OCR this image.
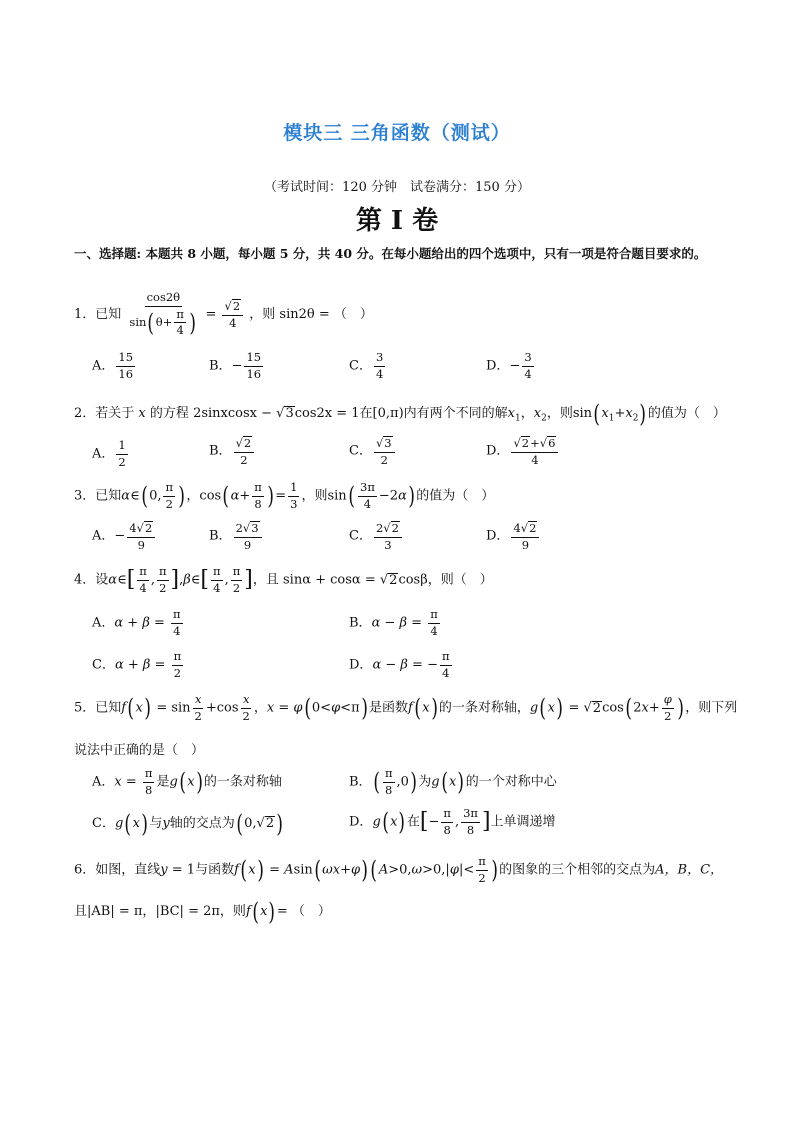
模块三 三角函数（测试）
（考试时间：120 分钟　试卷满分：150 分）
第 I 卷
一、选择题: 本题共 8 小题，每小题 5 分，共 40 分。在每小题给出的四个选项中，只有一项是符合题目要求的。
1．已知 $\frac{\cos 2\theta}{\sin(\theta+ \frac{\pi}{4} )} = \frac{√2}{4}$ ，则 sin2θ = （　）
A． $\frac{15}{16}$	B．− $\frac{15}{16}$	C． $\frac{3}{4}$	D．− $\frac{3}{4}$
2．若关于 x 的方程 2sinxcosx − √3cos2x = 1在[0,π)内有两个不同的解$x_1$，$x_2$，则$\sin(x_1+x_2)$的值为（　）
A． $\frac{1}{2}$	B． $\frac{√2}{2}$	C． $\frac{√3}{2}$	D． $\frac{√2+√6}{4}$
3．已知α∈(0, $\frac{\pi}{2}$ )，$\cos(\alpha+ \frac{\pi}{8}$ )= $\frac{1}{3}$ ，则$\sin( \frac{3\pi}{4} -2\alpha)$的值为（　）
A．− $\frac{4√2}{9}$	B． $\frac{2√3}{9}$	C． $\frac{2√2}{3}$	D． $\frac{4√2}{9}$
4．设α∈[ $\frac{\pi}{4}$ , $\frac{\pi}{2}$ ],β∈[ $\frac{\pi}{4}$ , $\frac{\pi}{2}$ ]，且 sinα + cosα = √2cosβ，则（　）
A．$\alpha + \beta = \frac{\pi}{4}$	B．$\alpha - \beta = \frac{\pi}{4}$
C．$\alpha + \beta = \frac{\pi}{2}$	D．α − β = − $\frac{\pi}{4}$
5．已知$f(x) = \sin \frac{x}{2} +\cos \frac{x}{2}$ ，x = φ(0<φ<π)是函数f(x)的一条对称轴，$g(x) = √2\cos(2x+ \frac{\varphi}{2}$ )，则下列
说法中正确的是（　）
A．$x = \frac{\pi}{8}$ 是g(x)的一条对称轴	B．( $\frac{\pi}{8} ,0$)为g(x)的一个对称中心
C．g(x)与y轴的交点为(0,√2 )	D．g(x)在[− $\frac{\pi}{8}$ , $\frac{3\pi}{8}$ ]上单调递增
6．如图，直线y = 1与函数f(x) = Asin(ωx+φ) ($A>0,\omega>0,|\varphi|< \frac{\pi}{2}$ )的图象的三个相邻的交点为A，B，C，
且|AB| = π，|BC| = 2π，则f(x)= （　）
